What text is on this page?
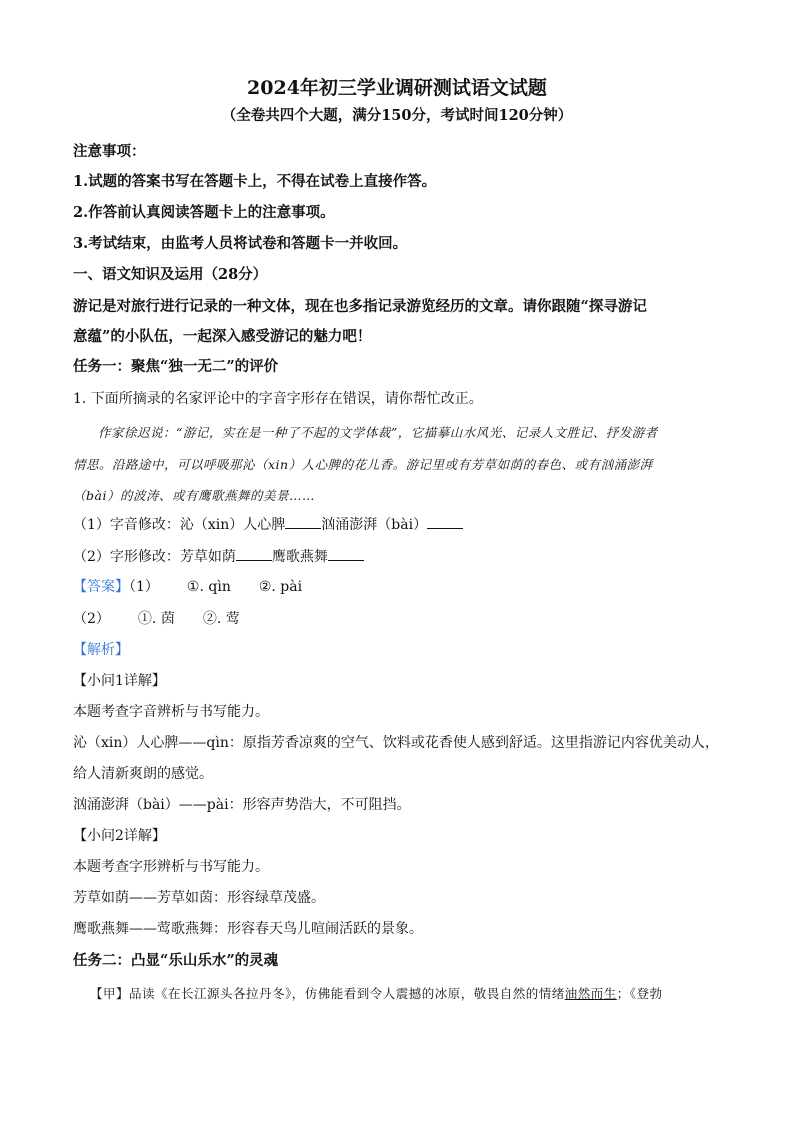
2024年初三学业调研测试语文试题
（全卷共四个大题，满分150分，考试时间120分钟）
注意事项：
1.试题的答案书写在答题卡上，不得在试卷上直接作答。
2.作答前认真阅读答题卡上的注意事项。
3.考试结束，由监考人员将试卷和答题卡一并收回。
一、语文知识及运用（28分）
游记是对旅行进行记录的一种文体，现在也多指记录游览经历的文章。请你跟随“探寻游记
意蕴”的小队伍，一起深入感受游记的魅力吧！
任务一：聚焦“独一无二”的评价
1. 下面所摘录的名家评论中的字音字形存在错误，请你帮忙改正。
作家徐迟说：“游记，实在是一种了不起的文学体裁”，它描摹山水风光、记录人文胜记、抒发游者
情思。沿路途中，可以呼吸那沁（xin）人心脾的花儿香。游记里或有芳草如荫的春色、或有汹涌澎湃
（bài）的波涛、或有鹰歌燕舞的美景……
（1）字音修改：沁（xin）人心脾	汹涌澎湃（bài）
（2）字形修改：芳草如荫	鹰歌燕舞
【答案】（1） ①. qìn ②. pài
（2） ①. 茵 ②. 莺
【解析】
【小问1详解】
本题考查字音辨析与书写能力。
沁（xin）人心脾——qìn：原指芳香凉爽的空气、饮料或花香使人感到舒适。这里指游记内容优美动人，
给人清新爽朗的感觉。
汹涌澎湃（bài）——pài：形容声势浩大，不可阻挡。
【小问2详解】
本题考查字形辨析与书写能力。
芳草如荫——芳草如茵：形容绿草茂盛。
鹰歌燕舞——莺歌燕舞：形容春天鸟儿喧闹活跃的景象。
任务二：凸显“乐山乐水”的灵魂
【甲】品读《在长江源头各拉丹冬》，仿佛能看到令人震撼的冰原，敬畏自然的情绪油然而生；《登勃
